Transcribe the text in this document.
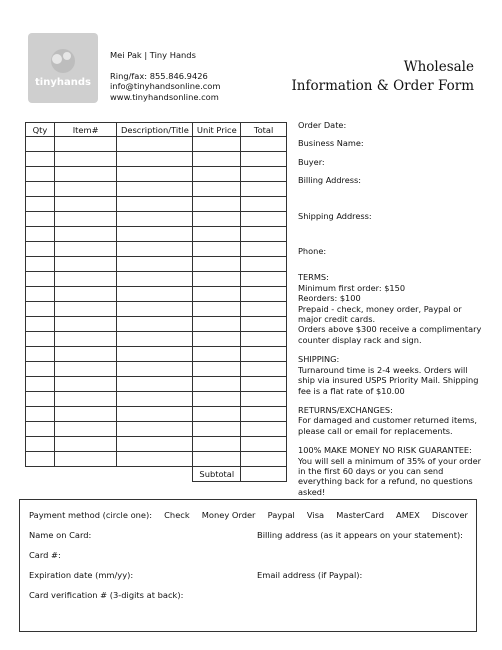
tinyhands
Mei Pak | Tiny Hands
Ring/fax: 855.846.9426
info@tinyhandsonline.com
www.tinyhandsonline.com
Wholesale
Information & Order Form
Qty	Item#	Description/Title	Unit Price	Total

			Subtotal	

Order Date:

Business Name:

Buyer:

Billing Address:

Shipping Address:

Phone:

TERMS:

Minimum first order: $150

Reorders: $100

Prepaid - check, money order, Paypal or major credit cards.

Orders above $300 receive a complimentary counter display rack and sign.

SHIPPING:

Turnaround time is 2-4 weeks. Orders will ship via insured USPS Priority Mail. Shipping fee is a flat rate of $10.00

RETURNS/EXCHANGES:

For damaged and customer returned items, please call or email for replacements.

100% MAKE MONEY NO RISK GUARANTEE:

You will sell a minimum of 35% of your order in the first 60 days or you can send everything back for a refund, no questions asked!

Payment method (circle one): Check Money Order Paypal Visa MasterCard AMEX Discover
Name on Card:	Billing address (as it appears on your statement):
Card #:
Expiration date (mm/yy):	Email address (if Paypal):
Card verification # (3-digits at back):
